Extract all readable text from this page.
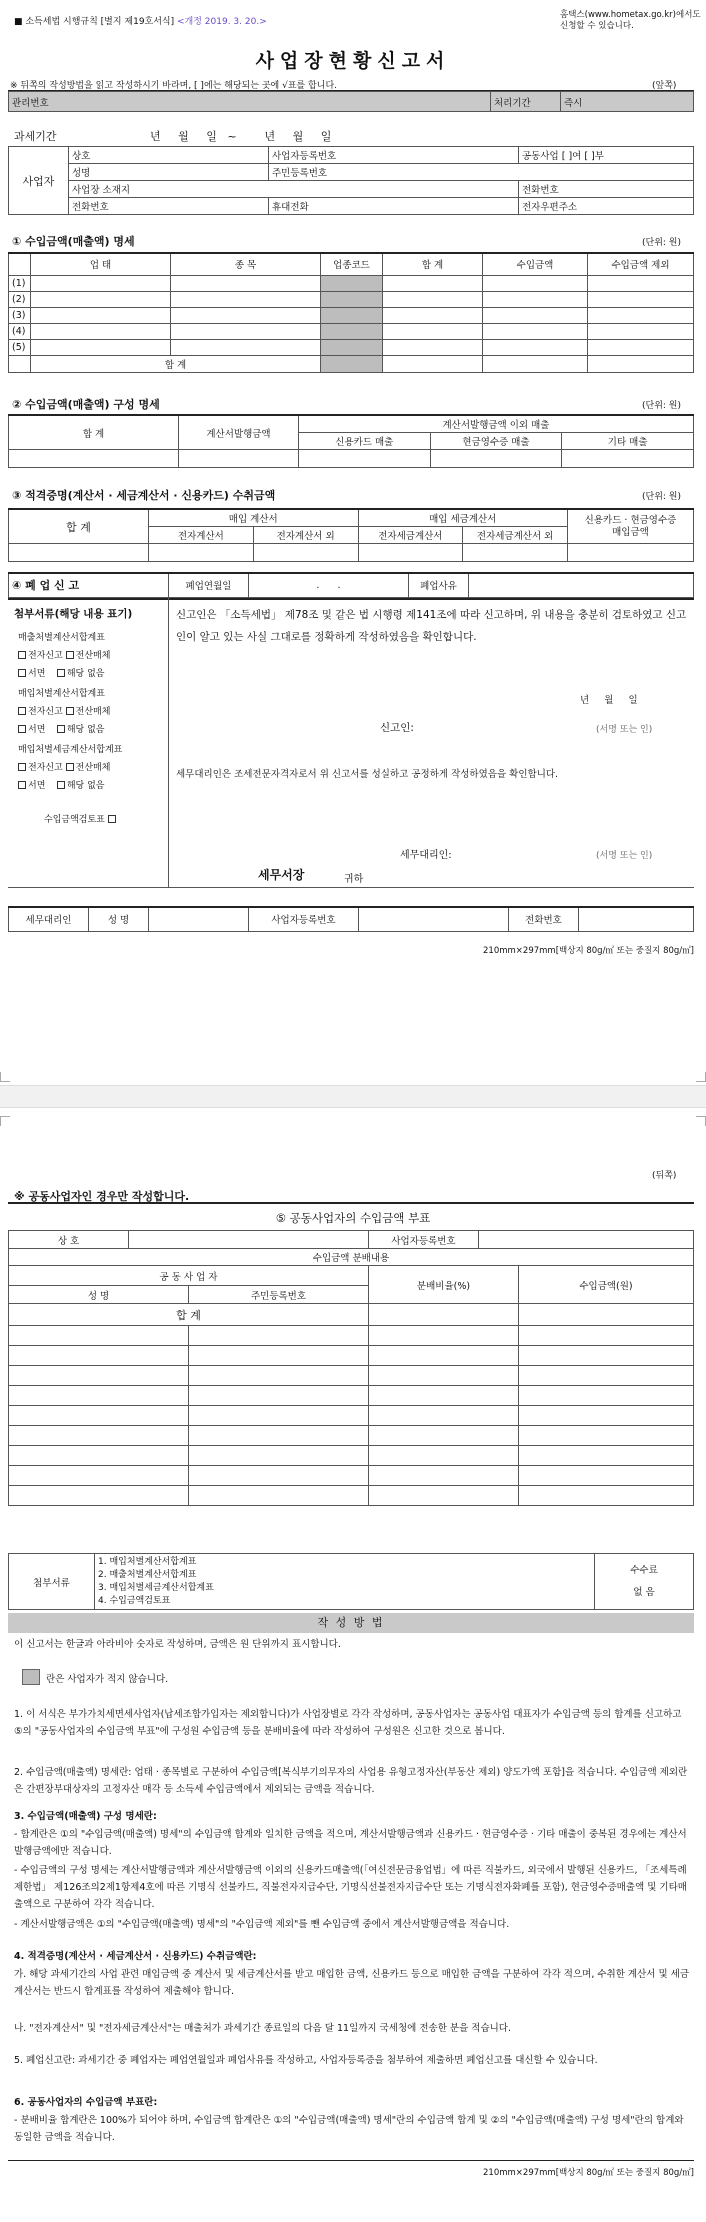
■ 소득세법 시행규칙 [별지 제19호서식] <개정 2019. 3. 20.>
홈택스(www.hometax.go.kr)에서도
신청할 수 있습니다.
사업장현황신고서
※ 뒤쪽의 작성방법을 읽고 작성하시기 바라며, [ ]에는 해당되는 곳에 √표를 합니다.	(앞쪽)
관리번호	처리기간	즉시
과세기간	년     월     일   ~        년     월     일
사업자	상호	사업자등록번호	공동사업 [ ]여 [ ]부
	성명	주민등록번호	
	사업장 소재지		전화번호
	전화번호	휴대전화	전자우편주소
① 수입금액(매출액) 명세	(단위: 원)
	업 태	종 목	업종코드	합 계	수입금액	수입금액 제외
(1)						
(2)						
(3)						
(4)						
(5)						
	합 계					
② 수입금액(매출액) 구성 명세	(단위: 원)
합 계	계산서발행금액	계산서발행금액 이외 매출		
		신용카드 매출	현금영수증 매출	기타 매출

③ 적격증명(계산서 · 세금계산서 · 신용카드) 수취금액	(단위: 원)
합 계	매입 계산서		매입 세금계산서		신용카드 · 현금영수증
매입금액
	전자계산서	전자계산서 외	전자세금계산서	전자세금계산서 외	

④ 폐 업 신 고	폐업연월일	.      .	폐업사유	
첨부서류(해당 내용 표기)
매출처별계산서합계표
전자신고 전산매체
서면 해당 없음
매입처별계산서합계표
전자신고 전산매체
서면 해당 없음
매입처별세금계산서합계표
전자신고 전산매체
서면 해당 없음
수입금액검토표
신고인은 「소득세법」 제78조 및 같은 법 시행령 제141조에 따라 신고하며, 위 내용을 충분히 검토하였고 신고인이 알고 있는 사실 그대로를 정확하게 작성하였음을 확인합니다.
년     월     일
신고인:	(서명 또는 인)
세무대리인은 조세전문자격자로서 위 신고서를 성실하고 공정하게 작성하였음을 확인합니다.
세무대리인:	(서명 또는 인)
세무서장	귀하
세무대리인	성 명		사업자등록번호		전화번호	
210mm×297mm[백상지 80g/㎡ 또는 중질지 80g/㎡]
(뒤쪽)
※ 공동사업자인 경우만 작성합니다.
⑤ 공동사업자의 수입금액 부표
상 호		사업자등록번호	
수입금액 분배내용
공 동 사 업 자		분배비율(%)	수입금액(원)
성 명	주민등록번호		
합 계			

첨부서류	
1. 매입처별계산서합계표
2. 매출처별계산서합계표
3. 매입처별세금계산서합계표
4. 수입금액검토표

수수료
없 음
작 성 방 법
이 신고서는 한글과 아라비아 숫자로 작성하며, 금액은 원 단위까지 표시합니다.
란은 사업자가 적지 않습니다.
1. 이 서식은 부가가치세면세사업자(납세조합가입자는 제외합니다)가 사업장별로 각각 작성하며, 공동사업자는 공동사업 대표자가 수입금액 등의 합계를 신고하고 ⑤의 "공동사업자의 수입금액 부표"에 구성원 수입금액 등을 분배비율에 따라 작성하여 구성원은 신고한 것으로 봅니다.
2. 수입금액(매출액) 명세란: 업태 · 종목별로 구분하여 수입금액[복식부기의무자의 사업용 유형고정자산(부동산 제외) 양도가액 포함]을 적습니다. 수입금액 제외란은 간편장부대상자의 고정자산 매각 등 소득세 수입금액에서 제외되는 금액을 적습니다.
3. 수입금액(매출액) 구성 명세란:
- 합계란은 ①의 "수입금액(매출액) 명세"의 수입금액 합계와 일치한 금액을 적으며, 계산서발행금액과 신용카드 · 현금영수증 · 기타 매출이 중복된 경우에는 계산서발행금액에만 적습니다.
- 수입금액의 구성 명세는 계산서발행금액과 계산서발행금액 이외의 신용카드매출액(「여신전문금융업법」에 따른 직불카드, 외국에서 발행된 신용카드, 「조세특례제한법」 제126조의2제1항제4호에 따른 기명식 선불카드, 직불전자지급수단, 기명식선불전자지급수단 또는 기명식전자화폐를 포함), 현금영수증매출액 및 기타매출액으로 구분하여 각각 적습니다.
- 계산서발행금액은 ①의 "수입금액(매출액) 명세"의 "수입금액 제외"를 뺀 수입금액 중에서 계산서발행금액을 적습니다.
4. 적격증명(계산서 · 세금계산서 · 신용카드) 수취금액란:
가. 해당 과세기간의 사업 관련 매입금액 중 계산서 및 세금계산서를 받고 매입한 금액, 신용카드 등으로 매입한 금액을 구분하여 각각 적으며, 수취한 계산서 및 세금계산서는 반드시 합계표를 작성하여 제출해야 합니다.
나. "전자계산서" 및 "전자세금계산서"는 매출처가 과세기간 종료일의 다음 달 11일까지 국세청에 전송한 분을 적습니다.
5. 폐업신고란: 과세기간 중 폐업자는 폐업연월일과 폐업사유를 작성하고, 사업자등록증을 첨부하여 제출하면 폐업신고를 대신할 수 있습니다.
6. 공동사업자의 수입금액 부표란:
- 분배비율 합계란은 100%가 되어야 하며, 수입금액 합계란은 ①의 "수입금액(매출액) 명세"란의 수입금액 합계 및 ②의 "수입금액(매출액) 구성 명세"란의 합계와 동일한 금액을 적습니다.
210mm×297mm[백상지 80g/㎡ 또는 중질지 80g/㎡]
